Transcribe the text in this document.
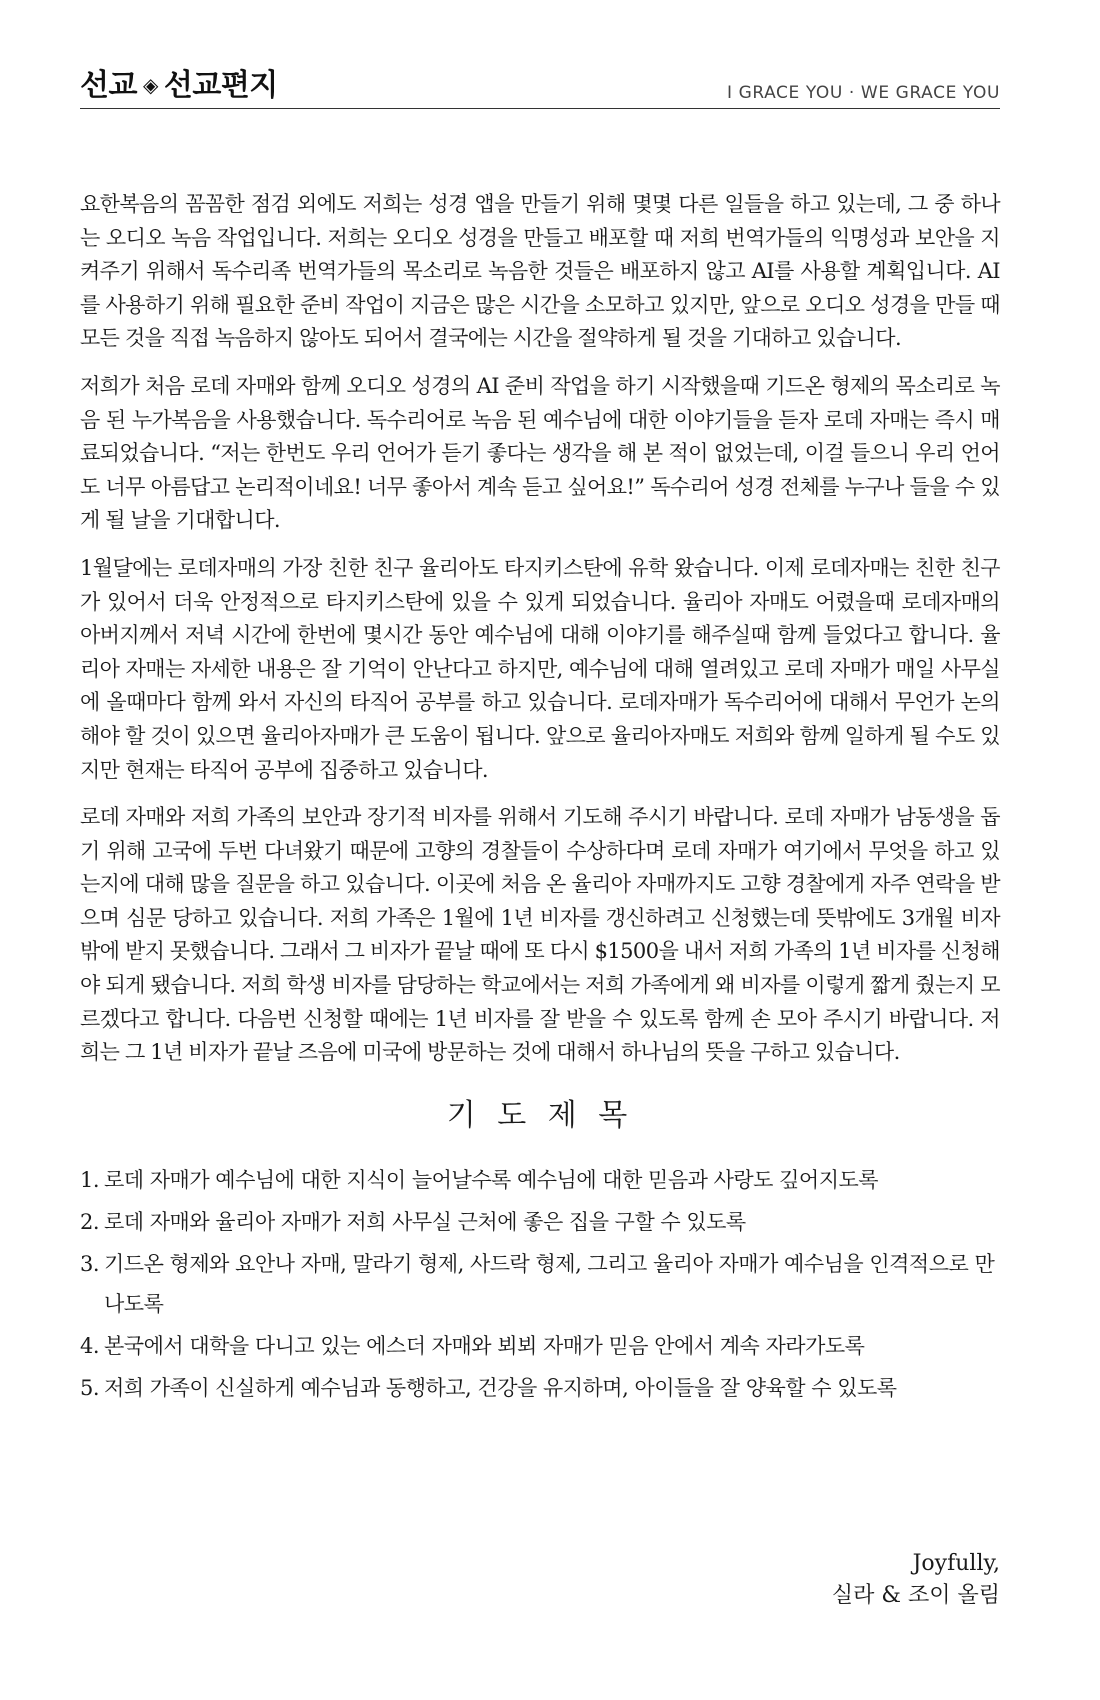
선교 ◈ 선교편지	I GRACE YOU · WE GRACE YOU

요한복음의 꼼꼼한 점검 외에도 저희는 성경 앱을 만들기 위해 몇몇 다른 일들을 하고 있는데, 그 중 하나는 오디오 녹음 작업입니다. 저희는 오디오 성경을 만들고 배포할 때 저희 번역가들의 익명성과 보안을 지켜주기 위해서 독수리족 번역가들의 목소리로 녹음한 것들은 배포하지 않고 AI를 사용할 계획입니다. AI 를 사용하기 위해 필요한 준비 작업이 지금은 많은 시간을 소모하고 있지만, 앞으로 오디오 성경을 만들 때 모든 것을 직접 녹음하지 않아도 되어서 결국에는 시간을 절약하게 될 것을 기대하고 있습니다.

저희가 처음 로데 자매와 함께 오디오 성경의 AI 준비 작업을 하기 시작했을때 기드온 형제의 목소리로 녹음 된 누가복음을 사용했습니다. 독수리어로 녹음 된 예수님에 대한 이야기들을 듣자 로데 자매는 즉시 매료되었습니다. “저는 한번도 우리 언어가 듣기 좋다는 생각을 해 본 적이 없었는데, 이걸 들으니 우리 언어도 너무 아름답고 논리적이네요! 너무 좋아서 계속 듣고 싶어요!” 독수리어 성경 전체를 누구나 들을 수 있게 될 날을 기대합니다.

1월달에는 로데자매의 가장 친한 친구 율리아도 타지키스탄에 유학 왔습니다. 이제 로데자매는 친한 친구가 있어서 더욱 안정적으로 타지키스탄에 있을 수 있게 되었습니다. 율리아 자매도 어렸을때 로데자매의 아버지께서 저녁 시간에 한번에 몇시간 동안 예수님에 대해 이야기를 해주실때 함께 들었다고 합니다. 율리아 자매는 자세한 내용은 잘 기억이 안난다고 하지만, 예수님에 대해 열려있고 로데 자매가 매일 사무실에 올때마다 함께 와서 자신의 타직어 공부를 하고 있습니다. 로데자매가 독수리어에 대해서 무언가 논의해야 할 것이 있으면 율리아자매가 큰 도움이 됩니다. 앞으로 율리아자매도 저희와 함께 일하게 될 수도 있지만 현재는 타직어 공부에 집중하고 있습니다.

로데 자매와 저희 가족의 보안과 장기적 비자를 위해서 기도해 주시기 바랍니다. 로데 자매가 남동생을 돕기 위해 고국에 두번 다녀왔기 때문에 고향의 경찰들이 수상하다며 로데 자매가 여기에서 무엇을 하고 있는지에 대해 많을 질문을 하고 있습니다. 이곳에 처음 온 율리아 자매까지도 고향 경찰에게 자주 연락을 받으며 심문 당하고 있습니다. 저희 가족은 1월에 1년 비자를 갱신하려고 신청했는데 뜻밖에도 3개월 비자 밖에 받지 못했습니다. 그래서 그 비자가 끝날 때에 또 다시 $1500을 내서 저희 가족의 1년 비자를 신청해야 되게 됐습니다. 저희 학생 비자를 담당하는 학교에서는 저희 가족에게 왜 비자를 이렇게 짧게 줬는지 모르겠다고 합니다. 다음번 신청할 때에는 1년 비자를 잘 받을 수 있도록 함께 손 모아 주시기 바랍니다. 저희는 그 1년 비자가 끝날 즈음에 미국에 방문하는 것에 대해서 하나님의 뜻을 구하고 있습니다.

기 도 제 목
1. 로데 자매가 예수님에 대한 지식이 늘어날수록 예수님에 대한 믿음과 사랑도 깊어지도록
2. 로데 자매와 율리아 자매가 저희 사무실 근처에 좋은 집을 구할 수 있도록
3. 기드온 형제와 요안나 자매, 말라기 형제, 사드락 형제, 그리고 율리아 자매가 예수님을 인격적으로 만나도록
4. 본국에서 대학을 다니고 있는 에스더 자매와 뵈뵈 자매가 믿음 안에서 계속 자라가도록
5. 저희 가족이 신실하게 예수님과 동행하고, 건강을 유지하며, 아이들을 잘 양육할 수 있도록
Joyfully,
실라 & 조이 올림
